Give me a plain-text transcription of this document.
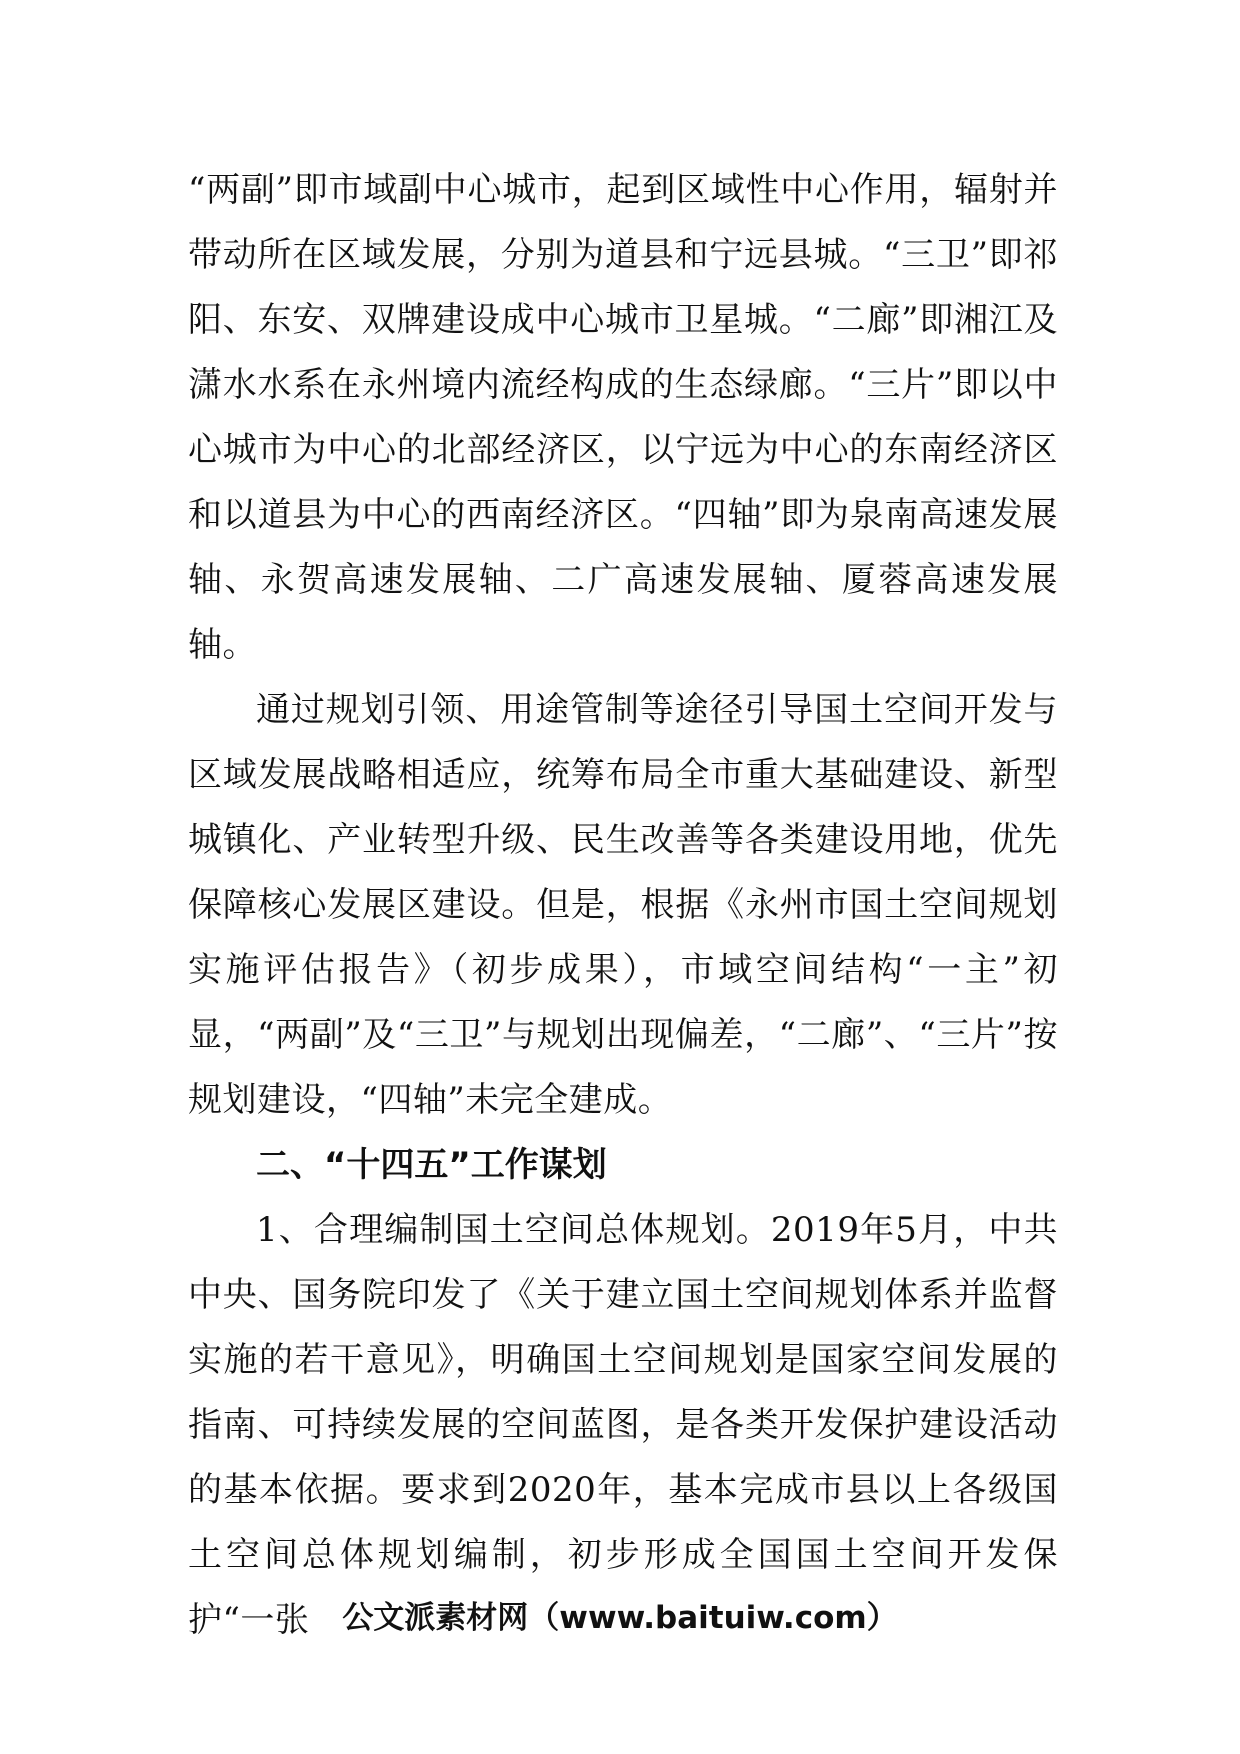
“两副”即市域副中心城市，起到区域性中心作用，辐射并带动所在区域发展，分别为道县和宁远县城。“三卫”即祁阳、东安、双牌建设成中心城市卫星城。“二廊”即湘江及潇水水系在永州境内流经构成的生态绿廊。“三片”即以中心城市为中心的北部经济区，以宁远为中心的东南经济区和以道县为中心的西南经济区。“四轴”即为泉南高速发展轴、永贺高速发展轴、二广高速发展轴、厦蓉高速发展轴。

通过规划引领、用途管制等途径引导国土空间开发与区域发展战略相适应，统筹布局全市重大基础建设、新型城镇化、产业转型升级、民生改善等各类建设用地，优先保障核心发展区建设。但是，根据《永州市国土空间规划实施评估报告》（初步成果），市域空间结构“一主”初显，“两副”及“三卫”与规划出现偏差，“二廊”、“三片”按规划建设，“四轴”未完全建成。

二、“十四五”工作谋划

1、合理编制国土空间总体规划。2019年5月，中共中央、国务院印发了《关于建立国土空间规划体系并监督实施的若干意见》，明确国土空间规划是国家空间发展的指南、可持续发展的空间蓝图，是各类开发保护建设活动的基本依据。要求到2020年，基本完成市县以上各级国土空间总体规划编制，初步形成全国国土空间开发保护“一张	公文派素材网（www.baituiw.com）
